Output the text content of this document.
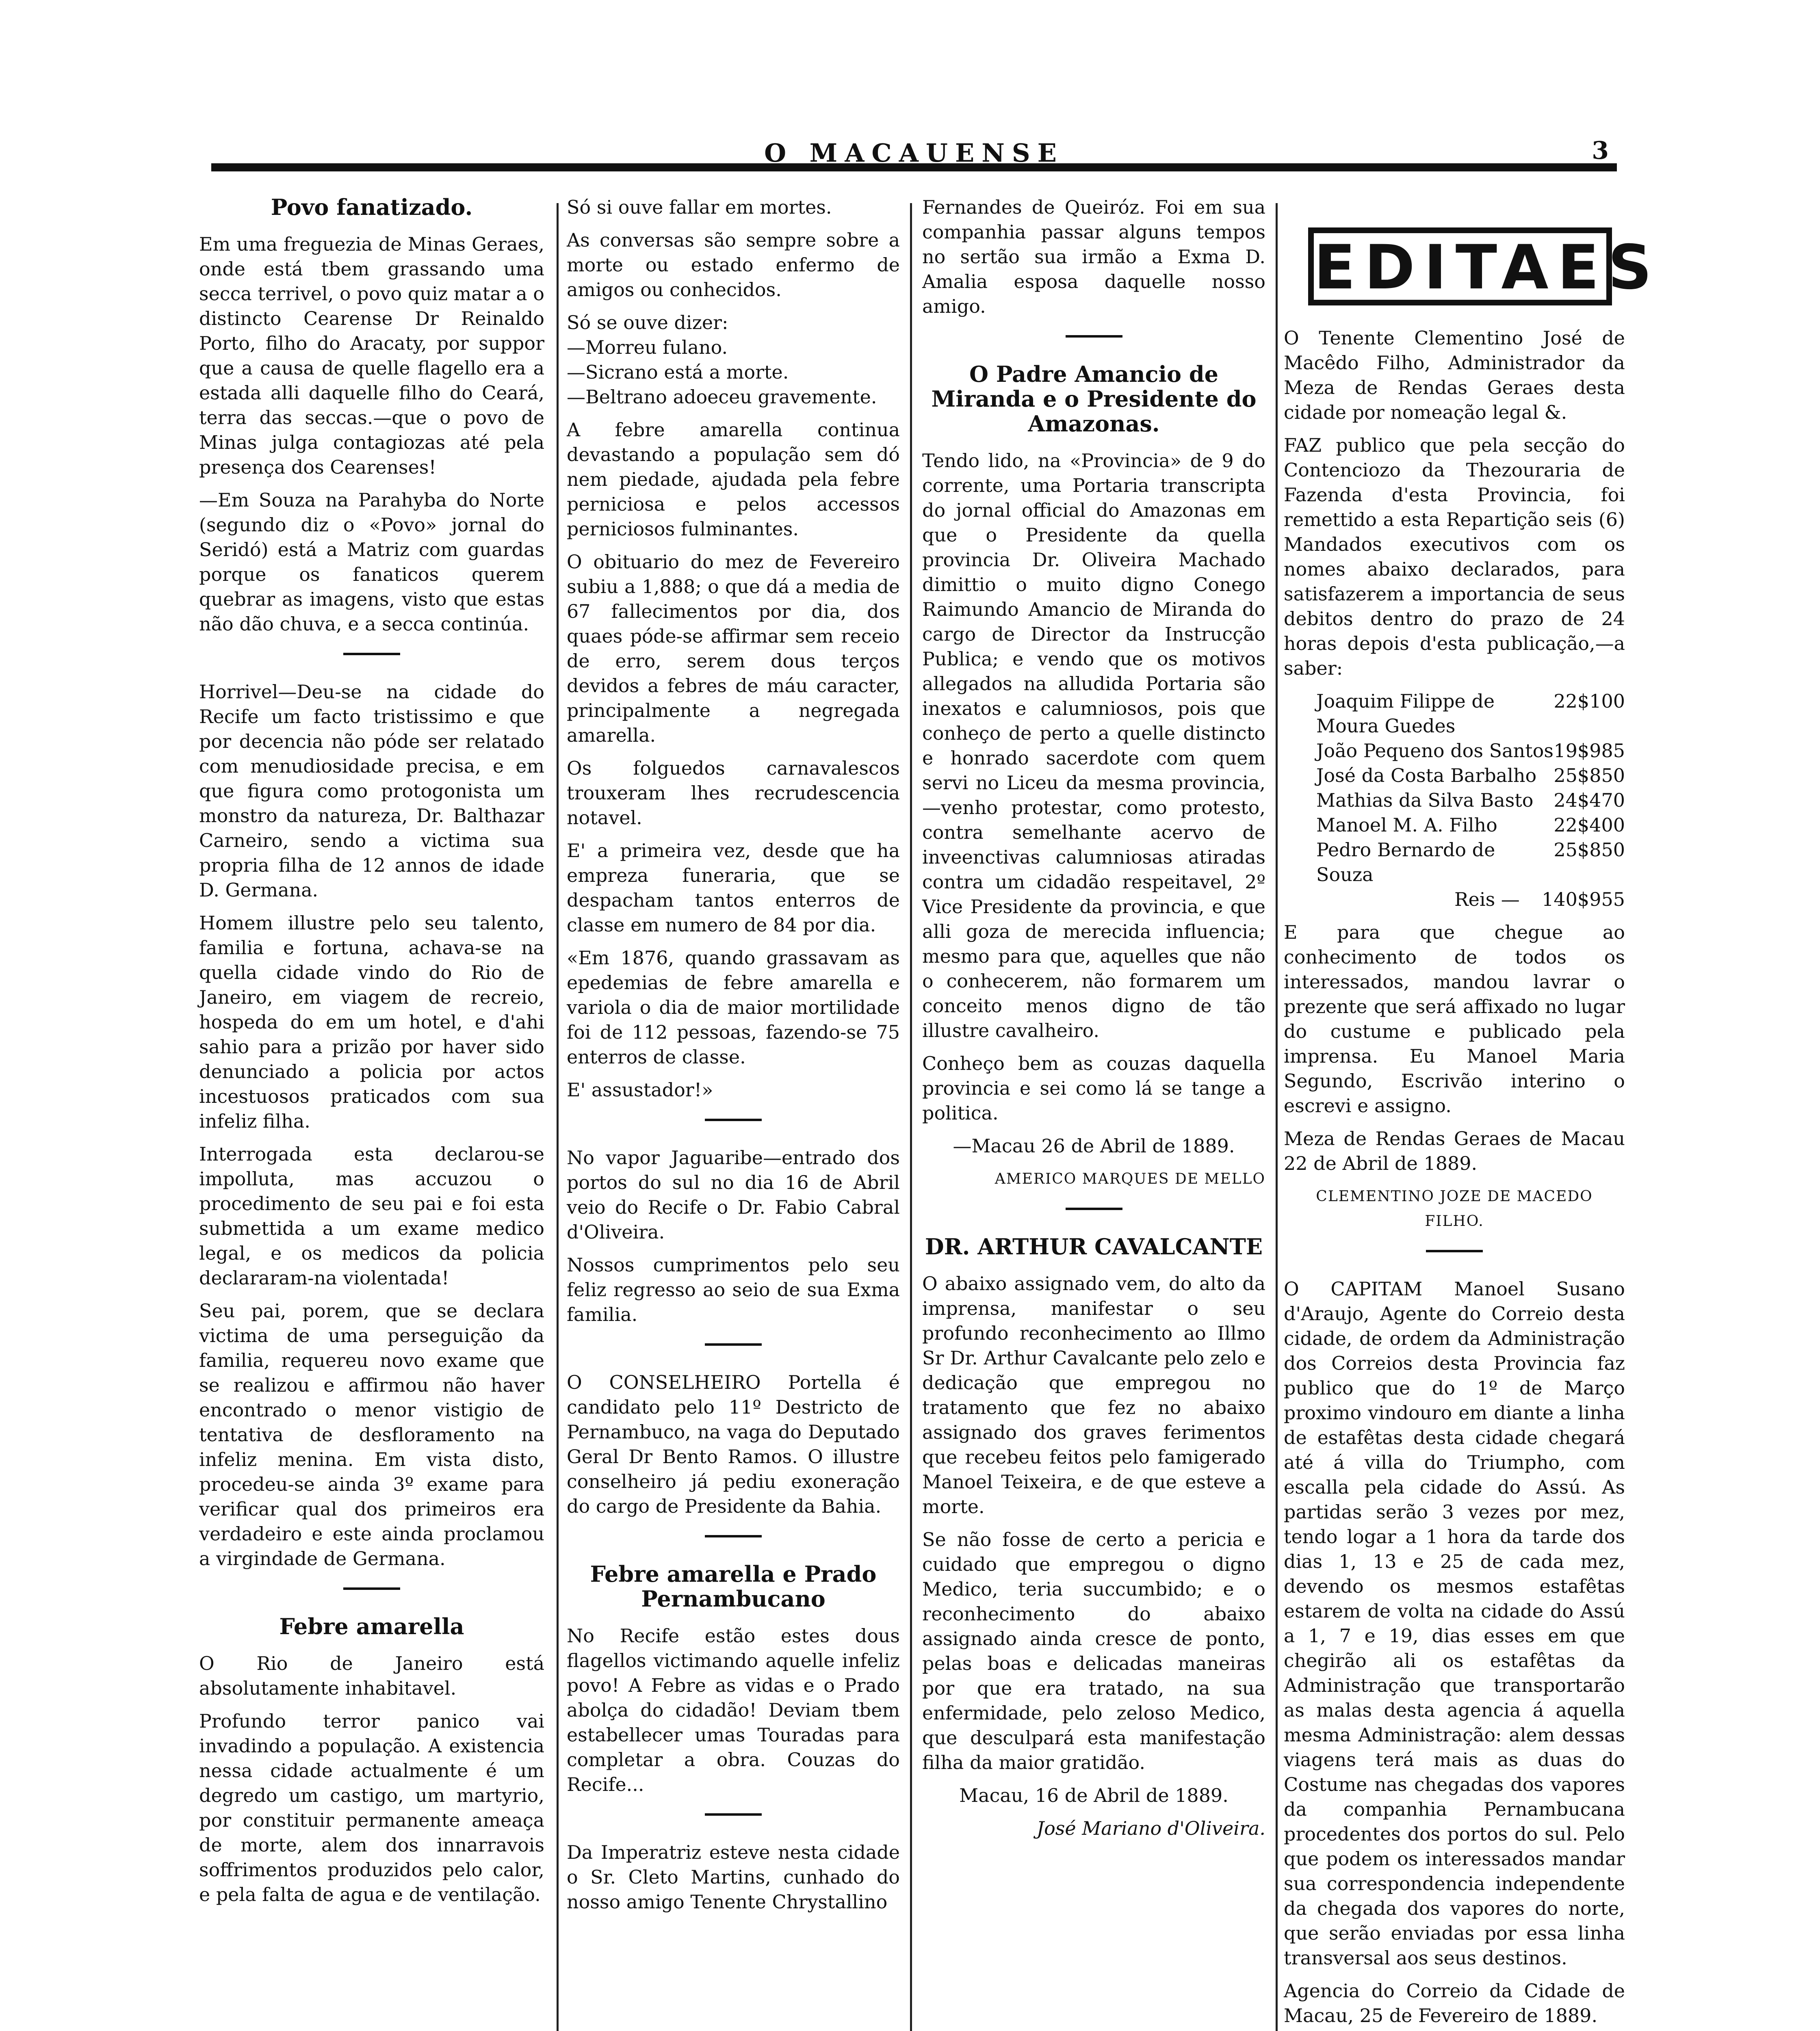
O MACAUENSE	3
Povo fanatizado.

Em uma freguezia de Minas Geraes, onde está tbem grassando uma secca terrivel, o povo quiz matar a o distincto Cearense Dr Reinaldo Porto, filho do Aracaty, por suppor que a causa de quelle flagello era a estada alli daquelle filho do Ceará, terra das seccas.—que o povo de Minas julga contagiozas até pela presença dos Cearenses!

—Em Souza na Parahyba do Norte (segundo diz o «Povo» jornal do Seridó) está a Matriz com guardas porque os fanaticos querem quebrar as imagens, visto que estas não dão chuva, e a secca continúa.

Horrivel—Deu-se na cidade do Recife um facto tristissimo e que por decencia não póde ser relatado com menudiosidade precisa, e em que figura como protogonista um monstro da natureza, Dr. Balthazar Carneiro, sendo a victima sua propria filha de 12 annos de idade D. Germana.

Homem illustre pelo seu talento, familia e fortuna, achava-se na quella cidade vindo do Rio de Janeiro, em viagem de recreio, hospeda do em um hotel, e d'ahi sahio para a prizão por haver sido denunciado a policia por actos incestuosos praticados com sua infeliz filha.

Interrogada esta declarou-se impolluta, mas accuzou o procedimento de seu pai e foi esta submettida a um exame medico legal, e os medicos da policia declararam-na violentada!

Seu pai, porem, que se declara victima de uma perseguição da familia, requereu novo exame que se realizou e affirmou não haver encontrado o menor vistigio de tentativa de desfloramento na infeliz menina. Em vista disto, procedeu-se ainda 3º exame para verificar qual dos primeiros era verdadeiro e este ainda proclamou a virgindade de Germana.

Febre amarella

O Rio de Janeiro está absolutamente inhabitavel.

Profundo terror panico vai invadindo a população. A existencia nessa cidade actualmente é um degredo um castigo, um martyrio, por constituir permanente ameaça de morte, alem dos innarravois soffrimentos produzidos pelo calor, e pela falta de agua e de ventilação.

Só si ouve fallar em mortes.

As conversas são sempre sobre a morte ou estado enfermo de amigos ou conhecidos.

Só se ouve dizer:

—Morreu fulano.

—Sicrano está a morte.

—Beltrano adoeceu gravemente.

A febre amarella continua devastando a população sem dó nem piedade, ajudada pela febre perniciosa e pelos accessos perniciosos fulminantes.

O obituario do mez de Fevereiro subiu a 1,888; o que dá a media de 67 fallecimentos por dia, dos quaes póde-se affirmar sem receio de erro, serem dous terços devidos a febres de máu caracter, principalmente a negregada amarella.

Os folguedos carnavalescos trouxeram lhes recrudescencia notavel.

E' a primeira vez, desde que ha empreza funeraria, que se despacham tantos enterros de classe em numero de 84 por dia.

«Em 1876, quando grassavam as epedemias de febre amarella e variola o dia de maior mortilidade foi de 112 pessoas, fazendo-se 75 enterros de classe.

E' assustador!»

No vapor Jaguaribe—entrado dos portos do sul no dia 16 de Abril veio do Recife o Dr. Fabio Cabral d'Oliveira.

Nossos cumprimentos pelo seu feliz regresso ao seio de sua Exma familia.

O CONSELHEIRO Portella é candidato pelo 11º Destricto de Pernambuco, na vaga do Deputado Geral Dr Bento Ramos. O illustre conselheiro já pediu exoneração do cargo de Presidente da Bahia.

Febre amarella e Prado Pernambucano

No Recife estão estes dous flagellos victimando aquelle infeliz povo! A Febre as vidas e o Prado abolça do cidadão! Deviam tbem estabellecer umas Touradas para completar a obra. Couzas do Recife...

Da Imperatriz esteve nesta cidade o Sr. Cleto Martins, cunhado do nosso amigo Tenente Chrystallino

Fernandes de Queiróz. Foi em sua companhia passar alguns tempos no sertão sua irmão a Exma D. Amalia esposa daquelle nosso amigo.

O Padre Amancio de Miranda e o Presidente do Amazonas.

Tendo lido, na «Provincia» de 9 do corrente, uma Portaria transcripta do jornal official do Amazonas em que o Presidente da quella provincia Dr. Oliveira Machado dimittio o muito digno Conego Raimundo Amancio de Miranda do cargo de Director da Instrucção Publica; e vendo que os motivos allegados na alludida Portaria são inexatos e calumniosos, pois que conheço de perto a quelle distincto e honrado sacerdote com quem servi no Liceu da mesma provincia,—venho protestar, como protesto, contra semelhante acervo de inveenctivas calumniosas atiradas contra um cidadão respeitavel, 2º Vice Presidente da provincia, e que alli goza de merecida influencia; mesmo para que, aquelles que não o conhecerem, não formarem um conceito menos digno de tão illustre cavalheiro.

Conheço bem as couzas daquella provincia e sei como lá se tange a politica.

—Macau 26 de Abril de 1889.

AMERICO MARQUES DE MELLO

DR. ARTHUR CAVALCANTE

O abaixo assignado vem, do alto da imprensa, manifestar o seu profundo reconhecimento ao Illmo Sr Dr. Arthur Cavalcante pelo zelo e dedicação que empregou no tratamento que fez no abaixo assignado dos graves ferimentos que recebeu feitos pelo famigerado Manoel Teixeira, e de que esteve a morte.

Se não fosse de certo a pericia e cuidado que empregou o digno Medico, teria succumbido; e o reconhecimento do abaixo assignado ainda cresce de ponto, pelas boas e delicadas maneiras por que era tratado, na sua enfermidade, pelo zeloso Medico, que desculpará esta manifestação filha da maior gratidão.

Macau, 16 de Abril de 1889.

José Mariano d'Oliveira.

EDITAES

O Tenente Clementino José de Macêdo Filho, Administrador da Meza de Rendas Geraes desta cidade por nomeação legal &.

FAZ publico que pela secção do Contenciozo da Thezouraria de Fazenda d'esta Provincia, foi remettido a esta Repartição seis (6) Mandados executivos com os nomes abaixo declarados, para satisfazerem a importancia de seus debitos dentro do prazo de 24 horas depois d'esta publicação,—a saber:

Joaquim Filippe de Moura Guedes
22$100
João Pequeno dos Santos 19$985
José da Costa Barbalho 25$850
Mathias da Silva Basto 24$470
Manoel M. A. Filho	22$400
Pedro Bernardo de Souza
25$850
Reis — 140$955

E para que chegue ao conhecimento de todos os interessados, mandou lavrar o prezente que será affixado no lugar do custume e publicado pela imprensa. Eu Manoel Maria Segundo, Escrivão interino o escrevi e assigno.

Meza de Rendas Geraes de Macau 22 de Abril de 1889.

CLEMENTINO JOZE DE MACEDO FILHO.

O CAPITAM Manoel Susano d'Araujo, Agente do Correio desta cidade, de ordem da Administração dos Correios desta Provincia faz publico que do 1º de Março proximo vindouro em diante a linha de estafêtas desta cidade chegará até á villa do Triumpho, com escalla pela cidade do Assú. As partidas serão 3 vezes por mez, tendo logar a 1 hora da tarde dos dias 1, 13 e 25 de cada mez, devendo os mesmos estafêtas estarem de volta na cidade do Assú a 1, 7 e 19, dias esses em que chegirão ali os estafêtas da Administração que transportarão as malas desta agencia á aquella mesma Administração: alem dessas viagens terá mais as duas do Costume nas chegadas dos vapores da companhia Pernambucana procedentes dos portos do sul. Pelo que podem os interessados mandar sua correspondencia independente da chegada dos vapores do norte, que serão enviadas por essa linha transversal aos seus destinos.

Agencia do Correio da Cidade de Macau, 25 de Fevereiro de 1889.
